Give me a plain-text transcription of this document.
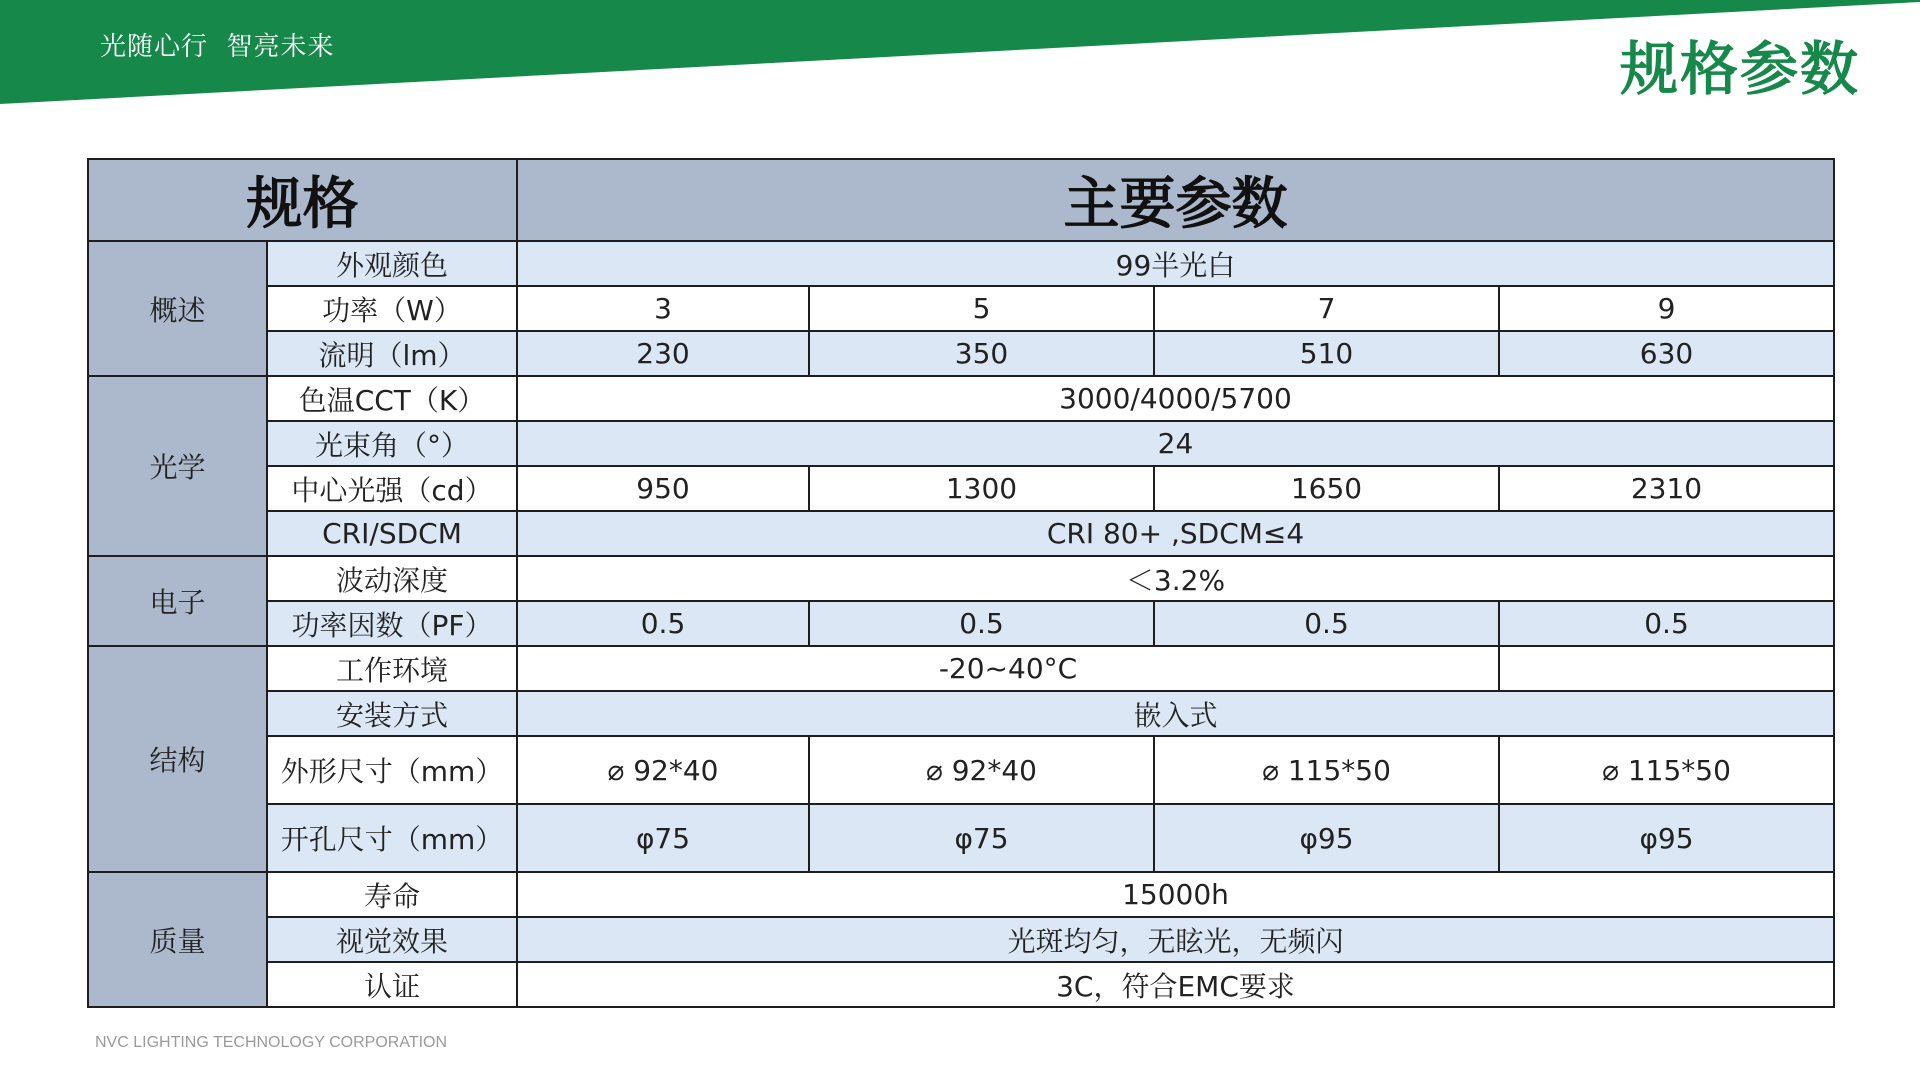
光随心行  智亮未来	规格参数
规格		主要参数			
概述	外观颜色	99半光白			
	功率（W）	3	5	7	9
	流明（lm）	230	350	510	630
光学	色温CCT（K）	3000/4000/5700			
	光束角（°）	24			
	中心光强（cd）	950	1300	1650	2310
	CRI/SDCM	CRI 80+ ,SDCM≤4			
电子	波动深度	＜3.2%			
	功率因数（PF）	0.5	0.5	0.5	0.5
结构	工作环境	-20~40°C			
	安装方式	嵌入式			
	外形尺寸（mm）	⌀ 92*40	⌀ 92*40	⌀ 115*50	⌀ 115*50
	开孔尺寸（mm）	φ75	φ75	φ95	φ95
质量	寿命	15000h			
	视觉效果	光斑均匀，无眩光，无频闪			
	认证	3C，符合EMC要求			
NVC LIGHTING TECHNOLOGY CORPORATION
